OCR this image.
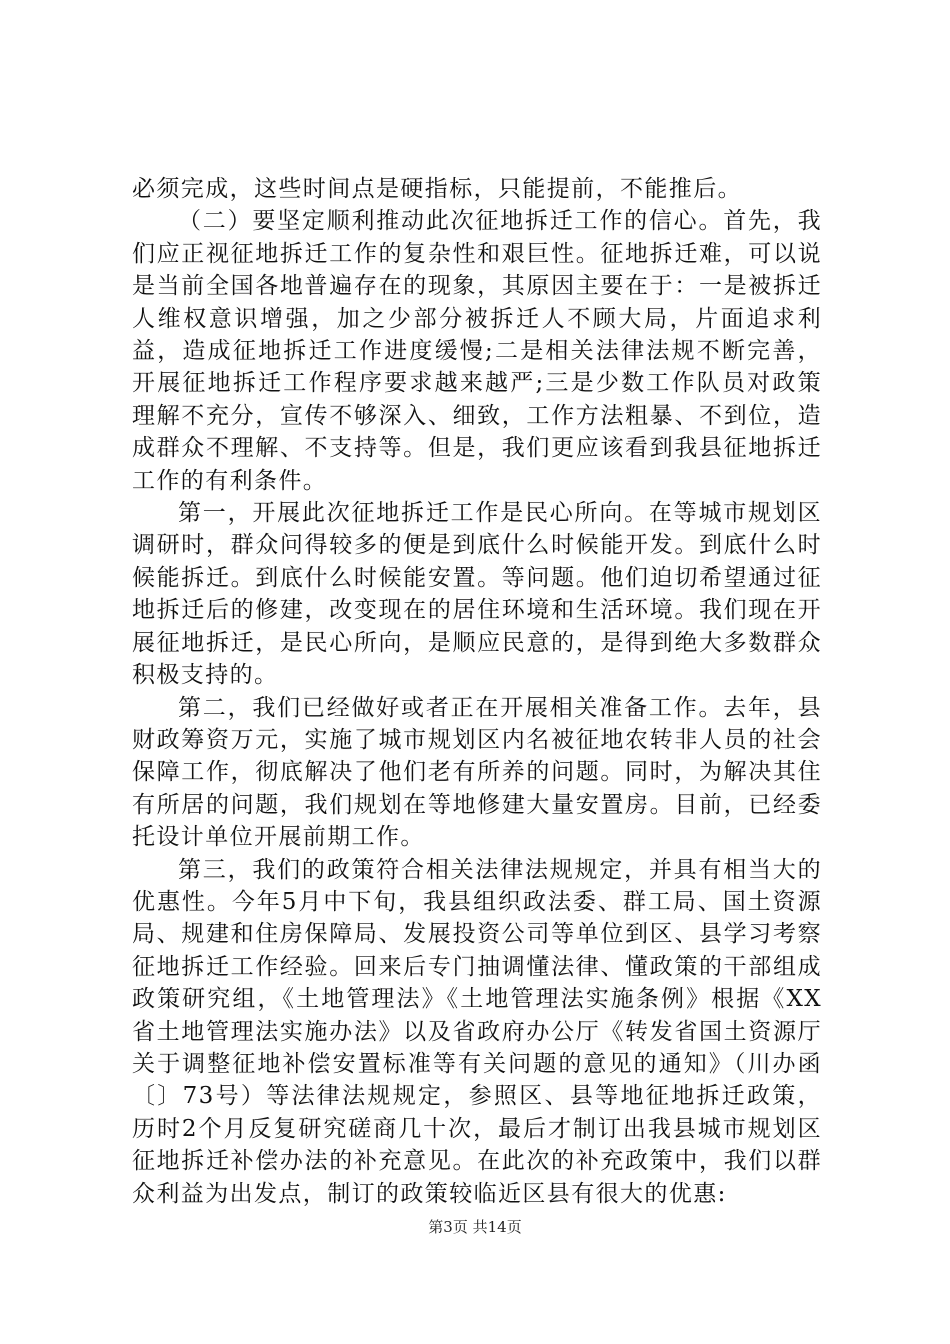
必须完成，这些时间点是硬指标，只能提前，不能推后。

（二）要坚定顺利推动此次征地拆迁工作的信心。首先，我们应正视征地拆迁工作的复杂性和艰巨性。征地拆迁难，可以说是当前全国各地普遍存在的现象，其原因主要在于：一是被拆迁人维权意识增强，加之少部分被拆迁人不顾大局，片面追求利益，造成征地拆迁工作进度缓慢;二是相关法律法规不断完善，开展征地拆迁工作程序要求越来越严;三是少数工作队员对政策理解不充分，宣传不够深入、细致，工作方法粗暴、不到位，造成群众不理解、不支持等。但是，我们更应该看到我县征地拆迁工作的有利条件。

第一，开展此次征地拆迁工作是民心所向。在等城市规划区调研时，群众问得较多的便是到底什么时候能开发。到底什么时候能拆迁。到底什么时候能安置。等问题。他们迫切希望通过征地拆迁后的修建，改变现在的居住环境和生活环境。我们现在开展征地拆迁，是民心所向，是顺应民意的，是得到绝大多数群众积极支持的。

第二，我们已经做好或者正在开展相关准备工作。去年，县财政筹资万元，实施了城市规划区内名被征地农转非人员的社会保障工作，彻底解决了他们老有所养的问题。同时，为解决其住有所居的问题，我们规划在等地修建大量安置房。目前，已经委托设计单位开展前期工作。

第三，我们的政策符合相关法律法规规定，并具有相当大的优惠性。今年5月中下旬，我县组织政法委、群工局、国土资源局、规建和住房保障局、发展投资公司等单位到区、县学习考察征地拆迁工作经验。回来后专门抽调懂法律、懂政策的干部组成政策研究组，《土地管理法》《土地管理法实施条例》根据《XX省土地管理法实施办法》以及省政府办公厅《转发省国土资源厅关于调整征地补偿安置标准等有关问题的意见的通知》（川办函〔〕73号）等法律法规规定，参照区、县等地征地拆迁政策，历时2个月反复研究磋商几十次，最后才制订出我县城市规划区征地拆迁补偿办法的补充意见。在此次的补充政策中，我们以群众利益为出发点，制订的政策较临近区县有很大的优惠:

第3页 共14页
